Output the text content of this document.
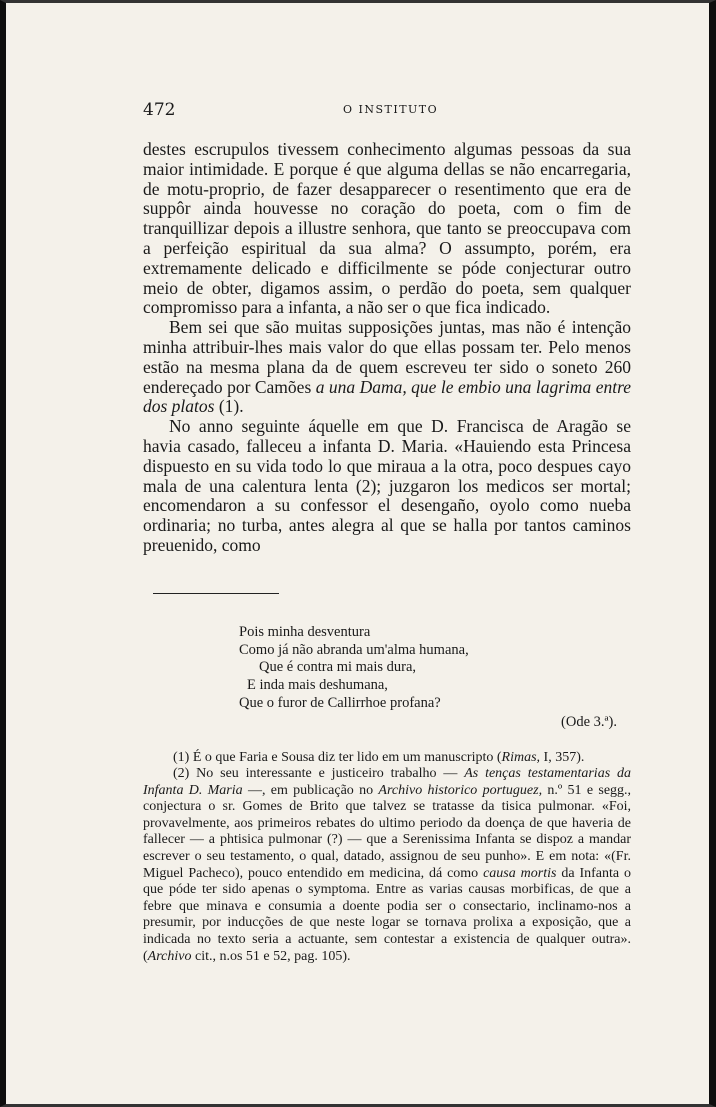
472	O INSTITUTO

destes escrupulos tivessem conhecimento algumas pessoas da sua maior intimidade. E porque é que alguma dellas se não encarregaria, de motu-proprio, de fazer desapparecer o resentimento que era de suppôr ainda houvesse no coração do poeta, com o fim de tranquillizar depois a illustre senhora, que tanto se preoccupava com a perfeição espiritual da sua alma? O assumpto, porém, era extremamente delicado e difficilmente se póde conjecturar outro meio de obter, digamos assim, o perdão do poeta, sem qualquer compromisso para a infanta, a não ser o que fica indicado.

Bem sei que são muitas supposições juntas, mas não é intenção minha attribuir-lhes mais valor do que ellas possam ter. Pelo menos estão na mesma plana da de quem escreveu ter sido o soneto 260 endereçado por Camões a una Dama, que le embio una lagrima entre dos platos (1).

No anno seguinte áquelle em que D. Francisca de Aragão se havia casado, falleceu a infanta D. Maria. «Hauiendo esta Princesa dispuesto en su vida todo lo que miraua a la otra, poco despues cayo mala de una calentura lenta (2); juzgaron los medicos ser mortal; encomendaron a su confessor el desengaño, oyolo como nueba ordinaria; no turba, antes alegra al que se halla por tantos caminos preuenido, como

Pois minha desventura
Como já não abranda um'alma humana,
Que é contra mi mais dura,
E inda mais deshumana,
Que o furor de Callirrhoe profana?
(Ode 3.ª).

(1) É o que Faria e Sousa diz ter lido em um manuscripto (Rimas, I, 357).

(2) No seu interessante e justiceiro trabalho — As tenças testamentarias da Infanta D. Maria —, em publicação no Archivo historico portuguez, n.º 51 e segg., conjectura o sr. Gomes de Brito que talvez se tratasse da tisica pulmonar. «Foi, provavelmente, aos primeiros rebates do ultimo periodo da doença de que haveria de fallecer — a phtisica pulmonar (?) — que a Serenissima Infanta se dispoz a mandar escrever o seu testamento, o qual, datado, assignou de seu punho». E em nota: «(Fr. Miguel Pacheco), pouco entendido em medicina, dá como causa mortis da Infanta o que póde ter sido apenas o symptoma. Entre as varias causas morbificas, de que a febre que minava e consumia a doente podia ser o consectario, inclinamo-nos a presumir, por inducções de que neste logar se tornava prolixa a exposição, que a indicada no texto seria a actuante, sem contestar a existencia de qualquer outra». (Archivo cit., n.os 51 e 52, pag. 105).
